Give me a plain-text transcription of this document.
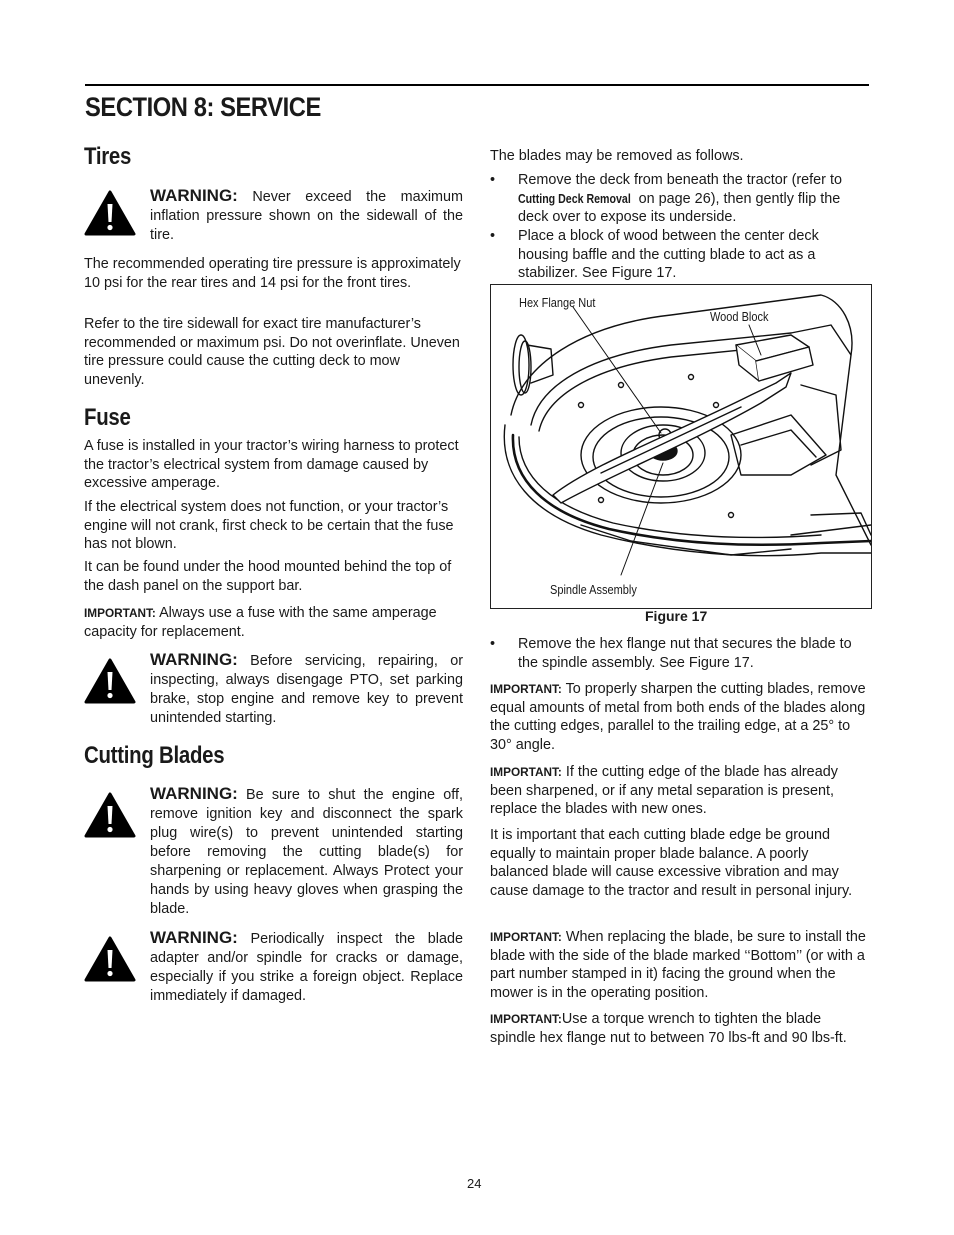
SECTION 8: SERVICE
Tires

WARNING: Never exceed the maximum inflation pressure shown on the sidewall of the tire.

The recommended operating tire pressure is approximately 10 psi for the rear tires and 14 psi for the front tires.

Refer to the tire sidewall for exact tire manufacturer’s recommended or maximum psi. Do not overinflate. Uneven tire pressure could cause the cutting deck to mow unevenly.

Fuse

A fuse is installed in your tractor’s wiring harness to protect the tractor’s electrical system from damage caused by excessive amperage.

If the electrical system does not function, or your tractor’s engine will not crank, first check to be certain that the fuse has not blown.

It can be found under the hood mounted behind the top of the dash panel on the support bar.

IMPORTANT: Always use a fuse with the same amperage capacity for replacement.

WARNING: Before servicing, repairing, or inspecting, always disengage PTO, set parking brake, stop engine and remove key to prevent unintended starting.

Cutting Blades

WARNING: Be sure to shut the engine off, remove ignition key and disconnect the spark plug wire(s) to prevent unintended starting before removing the cutting blade(s) for sharpening or replacement. Always Protect your hands by using heavy gloves when grasping the blade.

WARNING: Periodically inspect the blade adapter and/or spindle for cracks or damage, especially if you strike a foreign object. Replace immediately if damaged.

The blades may be removed as follows.

• Remove the deck from beneath the tractor (refer to Cutting Deck Removal on page 26), then gently flip the deck over to expose its underside.

• Place a block of wood between the center deck housing baffle and the cutting blade to act as a stabilizer. See Figure 17.

Hex Flange Nut
Wood Block
Spindle Assembly
Figure 17
• Remove the hex flange nut that secures the blade to the spindle assembly. See Figure 17.

IMPORTANT: To properly sharpen the cutting blades, remove equal amounts of metal from both ends of the blades along the cutting edges, parallel to the trailing edge, at a 25° to 30° angle.

IMPORTANT: If the cutting edge of the blade has already been sharpened, or if any metal separation is present, replace the blades with new ones.

It is important that each cutting blade edge be ground equally to maintain proper blade balance. A poorly balanced blade will cause excessive vibration and may cause damage to the tractor and result in personal injury.

IMPORTANT: When replacing the blade, be sure to install the blade with the side of the blade marked ‘‘Bottom’’ (or with a part number stamped in it) facing the ground when the mower is in the operating position.

IMPORTANT:Use a torque wrench to tighten the blade spindle hex flange nut to between 70 lbs-ft and 90 lbs-ft.

24
